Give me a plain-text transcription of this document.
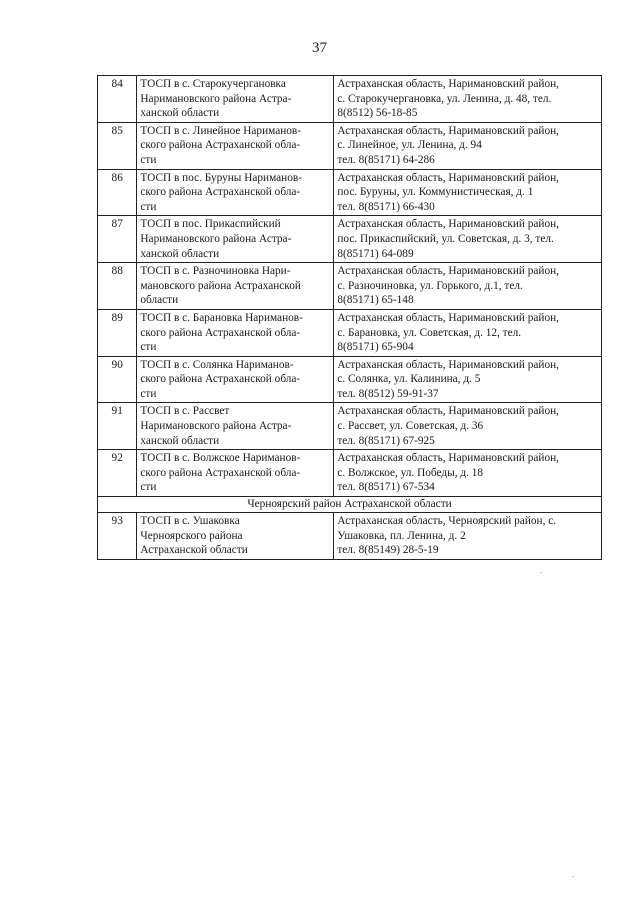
37
84	ТОСП в с. Старокучергановка
Наримановского района Астра-
ханской области	Астраханская область, Наримановский район,
с. Старокучергановка, ул. Ленина, д. 48, тел.
8(8512) 56-18-85

85	ТОСП в с. Линейное Нариманов-
ского района Астраханской обла-
сти	Астраханская область, Наримановский район,
с. Линейное, ул. Ленина, д. 94
тел. 8(85171) 64-286

86	ТОСП в пос. Буруны Нариманов-
ского района Астраханской обла-
сти	Астраханская область, Наримановский район,
пос. Буруны, ул. Коммунистическая, д. 1
тел. 8(85171) 66-430

87	ТОСП в пос. Прикаспийский
Наримановского района Астра-
ханской области	Астраханская область, Наримановский район,
пос. Прикаспийский, ул. Советская, д. 3, тел.
8(85171) 64-089

88	ТОСП в с. Разночиновка Нари-
мановского района Астраханской
области	Астраханская область, Наримановский район,
с. Разночиновка, ул. Горького, д.1, тел.
8(85171) 65-148

89	ТОСП в с. Барановка Нариманов-
ского района Астраханской обла-
сти	Астраханская область, Наримановский район,
с. Барановка, ул. Советская, д. 12, тел.
8(85171) 65-904

90	ТОСП в с. Солянка Нариманов-
ского района Астраханской обла-
сти	Астраханская область, Наримановский район,
с. Солянка, ул. Калинина, д. 5
тел. 8(8512) 59-91-37

91	ТОСП в с. Рассвет
Наримановского района Астра-
ханской области	Астраханская область, Наримановский район,
с. Рассвет, ул. Советская, д. 36
тел. 8(85171) 67-925

92	ТОСП в с. Волжское Нариманов-
ского района Астраханской обла-
сти	Астраханская область, Наримановский район,
с. Волжское, ул. Победы, д. 18
тел. 8(85171) 67-534

Черноярский район Астраханской области		
93	ТОСП в с. Ушаковка
Черноярского района
Астраханской области	Астраханская область, Черноярский район, с.
Ушаковка, пл. Ленина, д. 2
тел. 8(85149) 28-5-19
